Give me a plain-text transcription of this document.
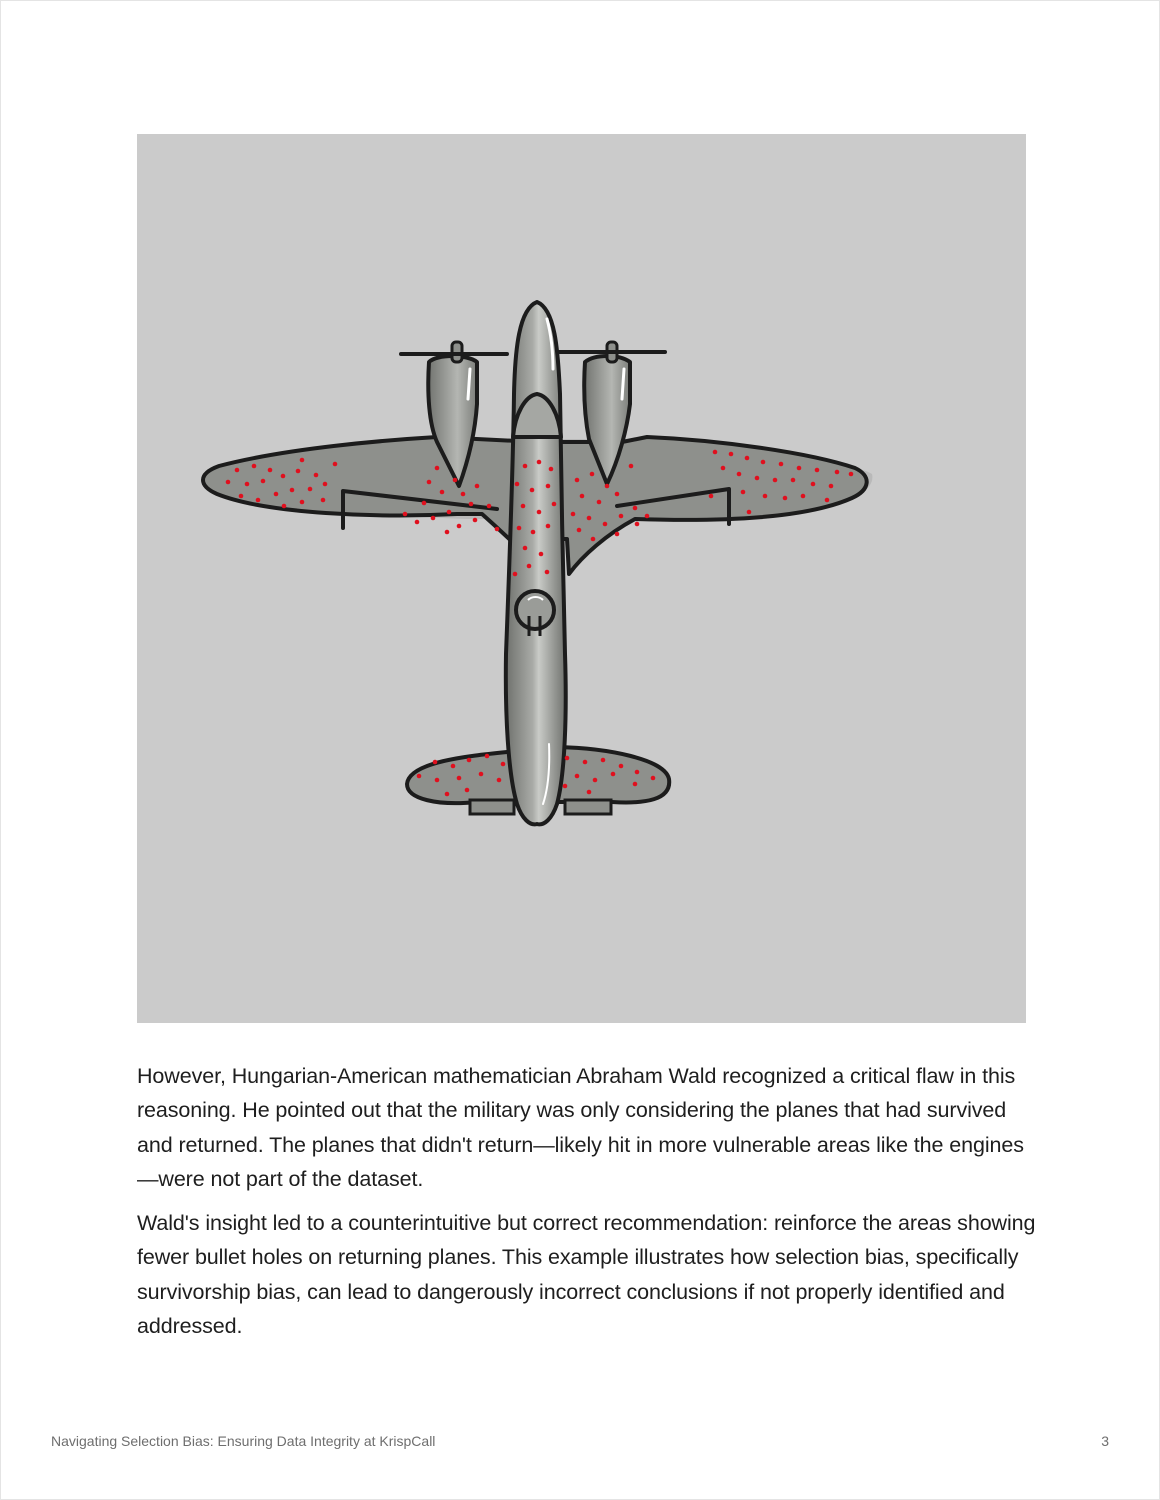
However, Hungarian-American mathematician Abraham Wald recognized a critical flaw in this reasoning. He pointed out that the military was only considering the planes that had survived and returned. The planes that didn't return—likely hit in more vulnerable areas like the engines—were not part of the dataset.

Wald's insight led to a counterintuitive but correct recommendation: reinforce the areas showing fewer bullet holes on returning planes. This example illustrates how selection bias, specifically survivorship bias, can lead to dangerously incorrect conclusions if not properly identified and addressed.

Navigating Selection Bias: Ensuring Data Integrity at KrispCall	3
